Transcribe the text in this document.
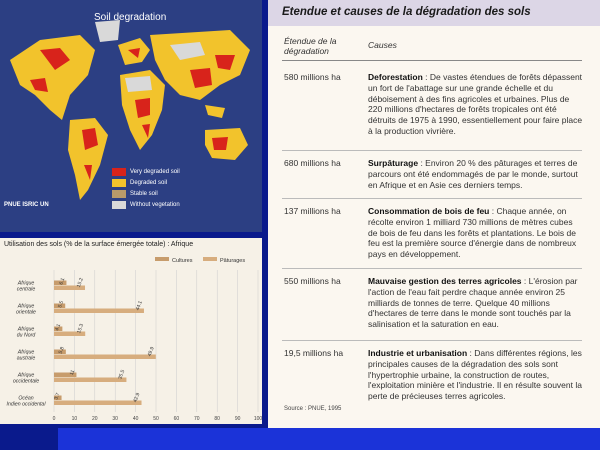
Soil degradation
PNUE ISRIC UN
Very degraded soil
Degraded soil
Stable soil
Without vegetation
Utilisation des sols (% de la surface émergée totale) : Afrique
Cultures	Pâturages
0	10	20	30	40	50	60	70	80	90	100
Afrique
centrale
6.1 15.2
Afrique
orientale
5.5	44.1
Afrique
du Nord
4.1	15.3
Afrique
australe
5.8	49.9
Afrique
occidentale
11	35.5
Océan
Indien occidental
3.7	42.9
Etendue et causes de la dégradation des sols
Étendue de la dégradation
Causes
580 millions ha	Deforestation : De vastes étendues de forêts dépassent un fort de l'abattage sur une grande échelle et du déboisement à des fins agricoles et urbaines. Plus de 220 millions d'hectares de forêts tropicales ont été détruits de 1975 à 1990, essentiellement pour faire place à la production vivrière.
680 millions ha	Surpâturage : Environ 20 % des pâturages et terres de parcours ont été endommagés de par le monde, surtout en Afrique et en Asie ces derniers temps.
137 millions ha	Consommation de bois de feu : Chaque année, on récolte environ 1 milliard 730 millions de mètres cubes de bois de feu dans les forêts et plantations. Le bois de feu est la première source d'énergie dans de nombreux pays en développement.
550 millions ha	Mauvaise gestion des terres agricoles : L'érosion par l'action de l'eau fait perdre chaque année environ 25 milliards de tonnes de terre. Quelque 40 millions d'hectares de terre dans le monde sont touchés par la salinisation et la saturation en eau.
19,5 millions ha	Industrie et urbanisation : Dans différentes régions, les principales causes de la dégradation des sols sont l'hypertrophie urbaine, la construction de routes, l'exploitation minière et l'industrie. Il en résulte souvent la perte de précieuses terres agricoles.
Source : PNUE, 1995
